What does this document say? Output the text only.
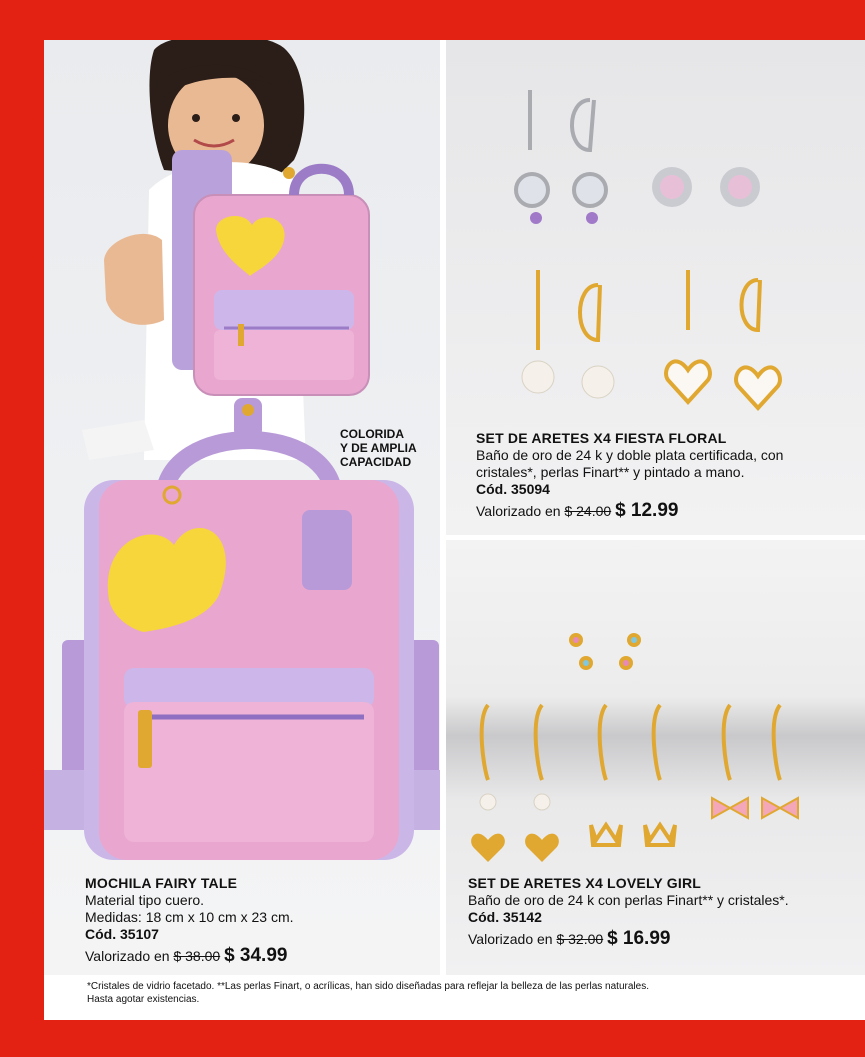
COLORIDA
Y DE AMPLIA
CAPACIDAD
MOCHILA FAIRY TALE
Material tipo cuero.
Medidas: 18 cm x 10 cm x 23 cm.
Cód. 35107
Valorizado en $ 38.00 $ 34.99
SET DE ARETES X4 FIESTA FLORAL
Baño de oro de 24 k y doble plata certificada, con
cristales*, perlas Finart** y pintado a mano.
Cód. 35094
Valorizado en $ 24.00 $ 12.99
SET DE ARETES X4 LOVELY GIRL
Baño de oro de 24 k con perlas Finart** y cristales*.
Cód. 35142
Valorizado en $ 32.00 $ 16.99
*Cristales de vidrio facetado. **Las perlas Finart, o acrílicas, han sido diseñadas para reflejar la belleza de las perlas naturales.
Hasta agotar existencias.
